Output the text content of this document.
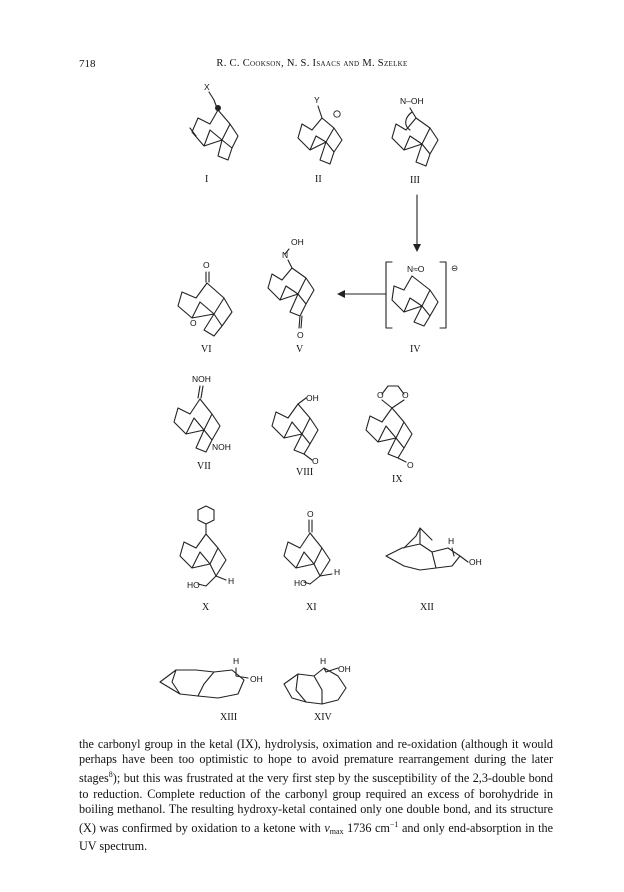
718	R. C. Cookson, N. S. Isaacs and M. Szelke
X
I
Y
II
N–OH
III
O
O
VI
OH
N
O
V
N≈O	⊖
IV
NOH
NOH
VII
OH
O
VIII
O O
O
IX
HO	H
X
O
HO
H
XI
H
OH
XII
H
OH
XIII
H
OH
XIV

the carbonyl group in the ketal (IX), hydrolysis, oximation and re-oxidation (although it would perhaps have been too optimistic to hope to avoid premature rearrangement during the later stages$^8$); but this was frustrated at the very first step by the susceptibility of the 2,3-double bond to reduction. Complete reduction of the carbonyl group required an excess of borohydride in boiling methanol. The resulting hydroxy-ketal contained only one double bond, and its structure (X) was confirmed by oxidation to a ketone with $\nu_{max}$ 1736 $cm^{-1}$ and only end-absorption in the UV spectrum.
